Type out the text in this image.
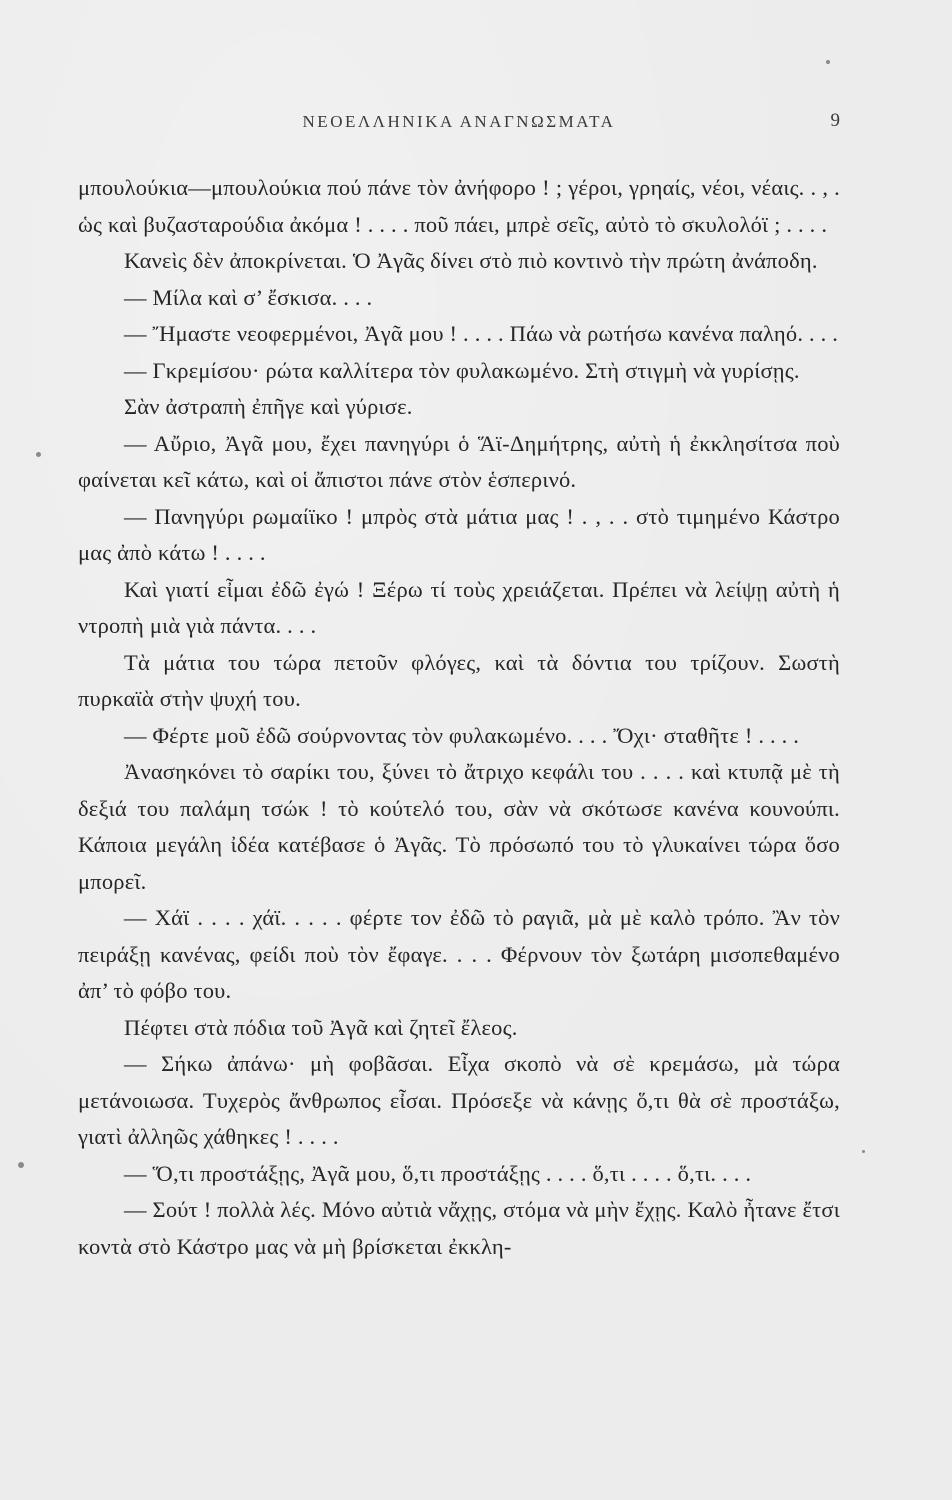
ΝΕΟΕΛΛΗΝΙΚΑ ΑΝΑΓΝΩΣΜΑΤΑ	9

μπουλούκια—μπουλούκια πού πάνε τὸν ἀνήφορο ! ; γέροι, γρηαίς, νέοι, νέαις. . , . ὡς καὶ βυζασταρούδια ἀκόμα ! . . . . ποῦ πάει, μπρὲ σεῖς, αὐτὸ τὸ σκυλολόϊ ; . . . .

Κανεὶς δὲν ἀποκρίνεται. Ὁ Ἀγᾶς δίνει στὸ πιὸ κοντινὸ τὴν πρώτη ἀνάποδη.

— Μίλα καὶ σ’ ἔσκισα. . . .

— Ἤμαστε νεοφερμένοι, Ἀγᾶ μου ! . . . . Πάω νὰ ρωτήσω κανένα παληό. . . .

— Γκρεμίσου· ρώτα καλλίτερα τὸν φυλακωμένο. Στὴ στιγμὴ νὰ γυρίσῃς.

Σὰν ἀστραπὴ ἐπῆγε καὶ γύρισε.

— Αὔριο, Ἀγᾶ μου, ἔχει πανηγύρι ὁ Ἅϊ-Δημήτρης, αὐτὴ ἡ ἐκκλησίτσα ποὺ φαίνεται κεῖ κάτω, καὶ οἱ ἄπιστοι πάνε στὸν ἑσπερινό.

— Πανηγύρι ρωμαίϊκο ! μπρὸς στὰ μάτια μας ! . , . . στὸ τιμημένο Κάστρο μας ἀπὸ κάτω ! . . . .

Καὶ γιατί εἶμαι ἐδῶ ἐγώ ! Ξέρω τί τοὺς χρειάζεται. Πρέπει νὰ λείψῃ αὐτὴ ἡ ντροπὴ μιὰ γιὰ πάντα. . . .

Τὰ μάτια του τώρα πετοῦν φλόγες, καὶ τὰ δόντια του τρίζουν. Σωστὴ πυρκαϊὰ στὴν ψυχή του.

— Φέρτε μοῦ ἐδῶ σούρνοντας τὸν φυλακωμένο. . . . Ὄχι· σταθῆτε ! . . . .

Ἀνασηκόνει τὸ σαρίκι του, ξύνει τὸ ἄτριχο κεφάλι του . . . . καὶ κτυπᾷ μὲ τὴ δεξιά του παλάμη τσώκ ! τὸ κούτελό του, σὰν νὰ σκότωσε κανένα κουνούπι. Κάποια μεγάλη ἰδέα κατέβασε ὁ Ἀγᾶς. Τὸ πρόσωπό του τὸ γλυκαίνει τώρα ὅσο μπορεῖ.

— Χάϊ . . . . χάϊ. . . . . φέρτε τον ἐδῶ τὸ ραγιᾶ, μὰ μὲ καλὸ τρόπο. Ἂν τὸν πειράξῃ κανένας, φείδι ποὺ τὸν ἔφαγε. . . . Φέρνουν τὸν ξωτάρη μισοπεθαμένο ἀπ’ τὸ φόβο του.

Πέφτει στὰ πόδια τοῦ Ἀγᾶ καὶ ζητεῖ ἔλεος.

— Σήκω ἀπάνω· μὴ φοβᾶσαι. Εἶχα σκοπὸ νὰ σὲ κρεμάσω, μὰ τώρα μετάνοιωσα. Τυχερὸς ἄνθρωπος εἶσαι. Πρόσεξε νὰ κάνῃς ὅ,τι θὰ σὲ προστάξω, γιατὶ ἀλληῶς χάθηκες ! . . . .

— Ὅ,τι προστάξῃς, Ἀγᾶ μου, ὅ,τι προστάξῃς . . . . ὅ,τι . . . . ὅ,τι. . . .

— Σούτ ! πολλὰ λές. Μόνο αὐτιὰ νἄχῃς, στόμα νὰ μὴν ἔχῃς. Καλὸ ἦτανε ἔτσι κοντὰ στὸ Κάστρο μας νὰ μὴ βρίσκεται ἐκκλη-
